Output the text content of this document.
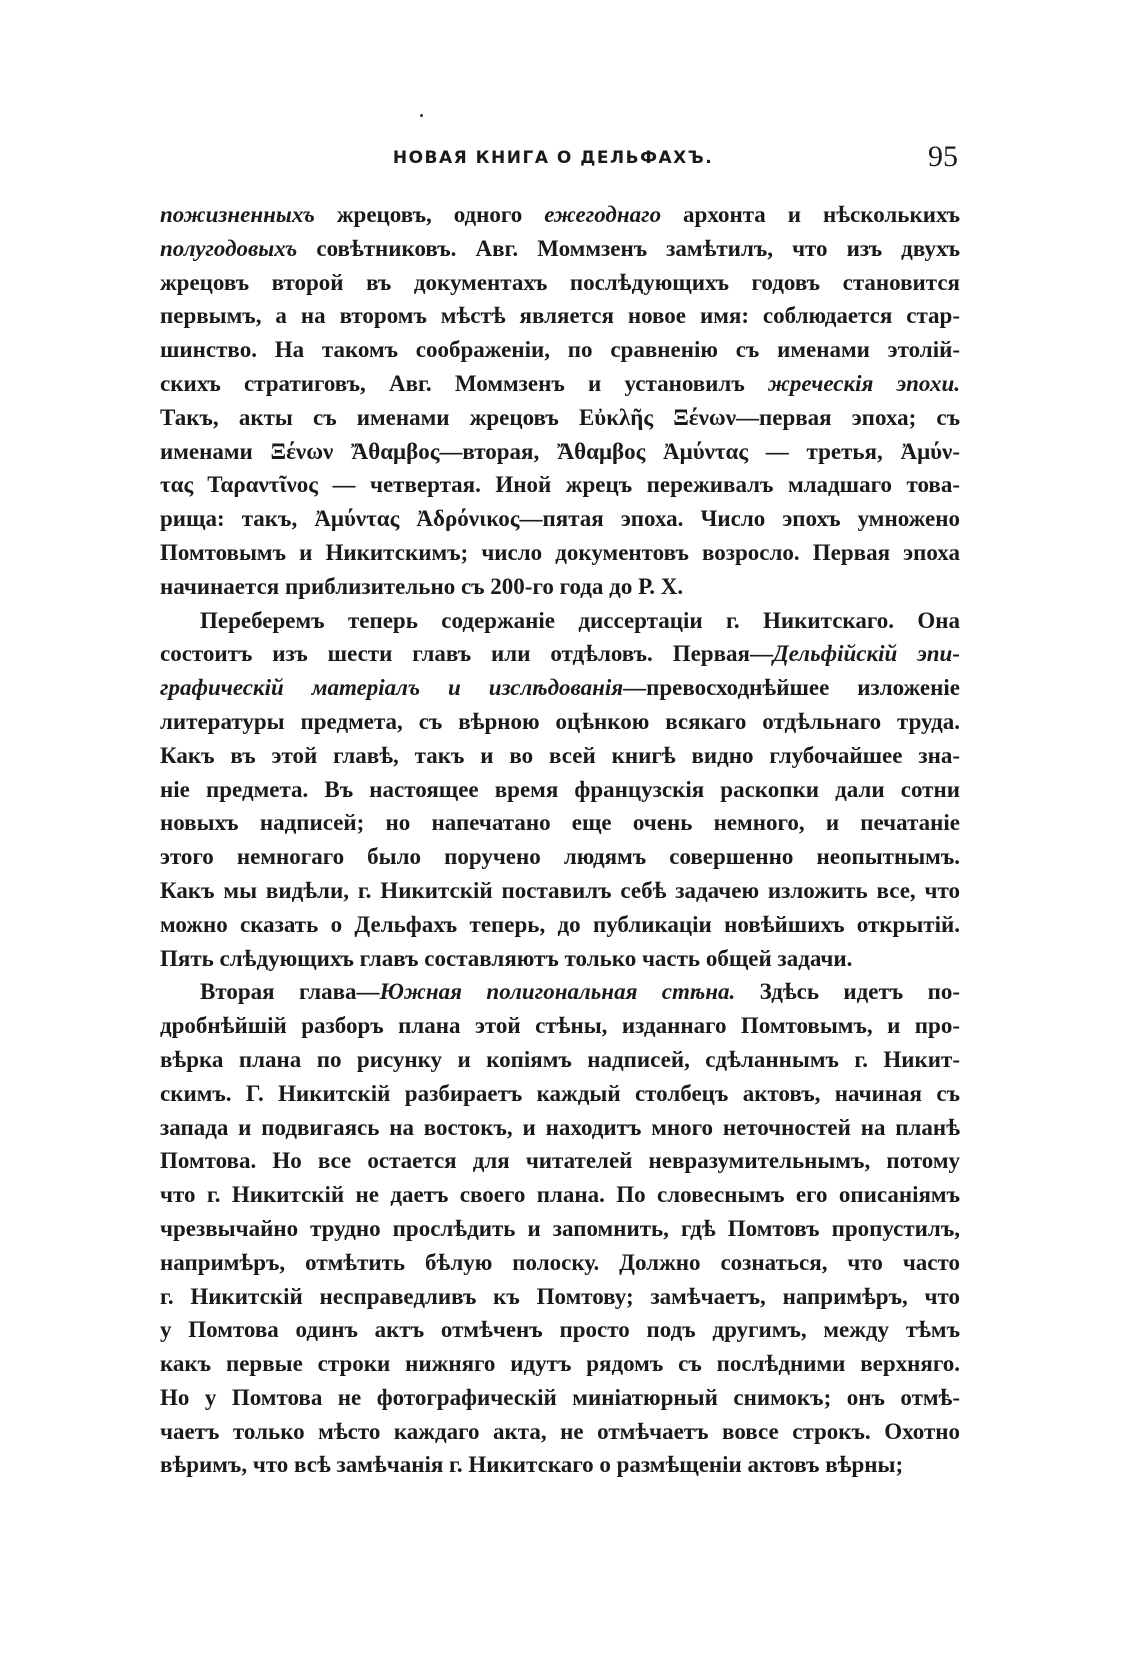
НОВАЯ КНИГА О ДЕЛЬФАХЪ.	95
пожизненныхъ жрецовъ, одного ежегоднаго архонта и нѣсколькихъ
полугодовыхъ совѣтниковъ. Авг. Моммзенъ замѣтилъ, что изъ двухъ
жрецовъ второй въ документахъ послѣдующихъ годовъ становится
первымъ, а на второмъ мѣстѣ является новое имя: соблюдается стар-
шинство. На такомъ соображеніи, по сравненію съ именами этолій-
скихъ стратиговъ, Авг. Моммзенъ и установилъ жреческія эпохи.
Такъ, акты съ именами жрецовъ Εὐκλῆς Ξένων—первая эпоха; съ
именами Ξένων Ἄθαμβος—вторая, Ἄθαμβος Ἀμύντας — третья, Ἀμύν-
τας Ταραντῖνος — четвертая. Иной жрецъ переживалъ младшаго това-
рища: такъ, Ἀμύντας Ἀδρόνικος—пятая эпоха. Число эпохъ умножено
Помтовымъ и Никитскимъ; число документовъ возросло. Первая эпоха
начинается приблизительно съ 200-го года до Р. Х.
Переберемъ теперь содержаніе диссертаціи г. Никитскаго. Она
состоитъ изъ шести главъ или отдѣловъ. Первая—Дельфійскій эпи-
графическій матеріалъ и изслѣдованія—превосходнѣйшее изложеніе
литературы предмета, съ вѣрною оцѣнкою всякаго отдѣльнаго труда.
Какъ въ этой главѣ, такъ и во всей книгѣ видно глубочайшее зна-
ніе предмета. Въ настоящее время французскія раскопки дали сотни
новыхъ надписей; но напечатано еще очень немного, и печатаніе
этого немногаго было поручено людямъ совершенно неопытнымъ.
Какъ мы видѣли, г. Никитскій поставилъ себѣ задачею изложить все, что
можно сказать о Дельфахъ теперь, до публикаціи новѣйшихъ открытій.
Пять слѣдующихъ главъ составляютъ только часть общей задачи.
Вторая глава—Южная полигональная стѣна. Здѣсь идетъ по-
дробнѣйшій разборъ плана этой стѣны, изданнаго Помтовымъ, и про-
вѣрка плана по рисунку и копіямъ надписей, сдѣланнымъ г. Никит-
скимъ. Г. Никитскій разбираетъ каждый столбецъ актовъ, начиная съ
запада и подвигаясь на востокъ, и находитъ много неточностей на планѣ
Помтова. Но все остается для читателей невразумительнымъ, потому
что г. Никитскій не даетъ своего плана. По словеснымъ его описаніямъ
чрезвычайно трудно прослѣдить и запомнить, гдѣ Помтовъ пропустилъ,
напримѣръ, отмѣтить бѣлую полоску. Должно сознаться, что часто
г. Никитскій несправедливъ къ Помтову; замѣчаетъ, напримѣръ, что
у Помтова одинъ актъ отмѣченъ просто подъ другимъ, между тѣмъ
какъ первые строки нижняго идутъ рядомъ съ послѣдними верхняго.
Но у Помтова не фотографическій миніатюрный снимокъ; онъ отмѣ-
чаетъ только мѣсто каждаго акта, не отмѣчаетъ вовсе строкъ. Охотно
вѣримъ, что всѣ замѣчанія г. Никитскаго о размѣщеніи актовъ вѣрны;
